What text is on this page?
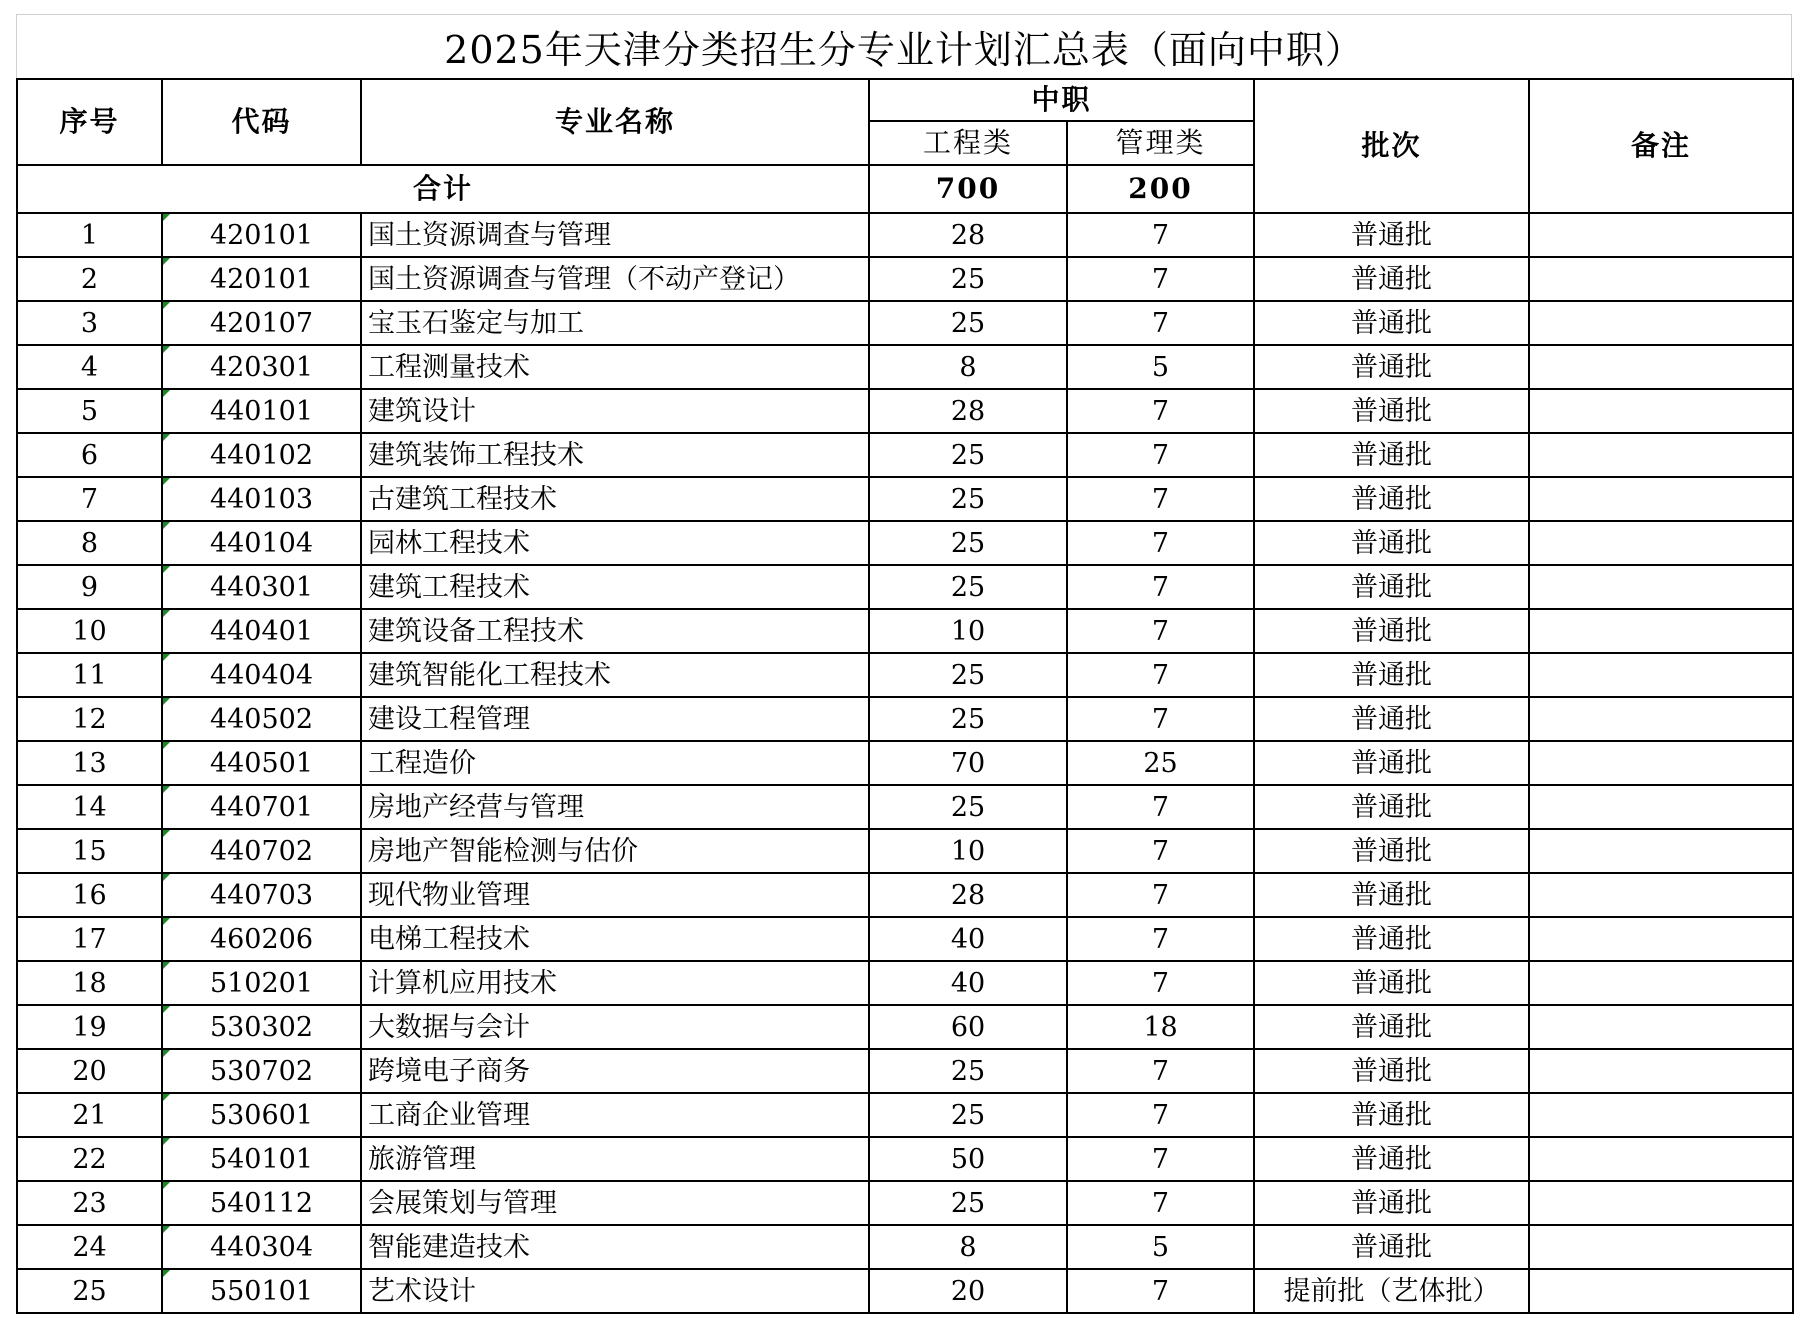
2025年天津分类招生分专业计划汇总表（面向中职）
序号	代码	专业名称	中职		批次	备注
			工程类	管理类		
合计			700	200		
1	420101	国土资源调查与管理	28	7	普通批	
2	420101	国土资源调查与管理（不动产登记）	25	7	普通批	
3	420107	宝玉石鉴定与加工	25	7	普通批	
4	420301	工程测量技术	8	5	普通批	
5	440101	建筑设计	28	7	普通批	
6	440102	建筑装饰工程技术	25	7	普通批	
7	440103	古建筑工程技术	25	7	普通批	
8	440104	园林工程技术	25	7	普通批	
9	440301	建筑工程技术	25	7	普通批	
10	440401	建筑设备工程技术	10	7	普通批	
11	440404	建筑智能化工程技术	25	7	普通批	
12	440502	建设工程管理	25	7	普通批	
13	440501	工程造价	70	25	普通批	
14	440701	房地产经营与管理	25	7	普通批	
15	440702	房地产智能检测与估价	10	7	普通批	
16	440703	现代物业管理	28	7	普通批	
17	460206	电梯工程技术	40	7	普通批	
18	510201	计算机应用技术	40	7	普通批	
19	530302	大数据与会计	60	18	普通批	
20	530702	跨境电子商务	25	7	普通批	
21	530601	工商企业管理	25	7	普通批	
22	540101	旅游管理	50	7	普通批	
23	540112	会展策划与管理	25	7	普通批	
24	440304	智能建造技术	8	5	普通批	
25	550101	艺术设计	20	7	提前批（艺体批）	
